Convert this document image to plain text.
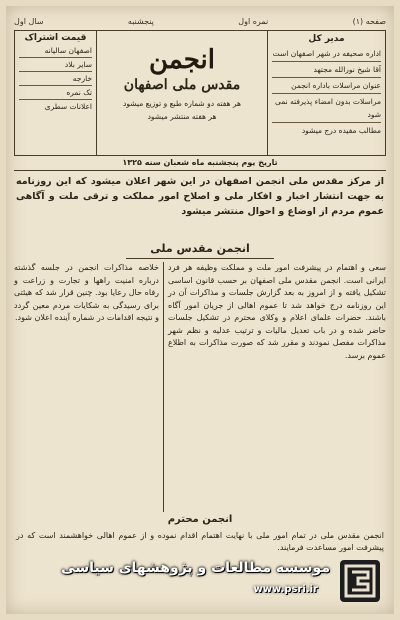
صفحه (۱)
نمره اول
پنجشنبه
سال اول
مدیر کل
اداره صحیفه در شهر اصفهان است
آقا شیخ نورالله مجتهد
عنوان مراسلات باداره انجمن
مراسلات بدون امضاء پذیرفته نمی شود
مطالب مفیده درج میشود
انجمن
مقدس ملی اصفهان
هر هفته دو شماره طبع و توزیع میشود
هر هفته منتشر میشود
قیمت اشتراک
اصفهان سالیانه
سایر بلاد
خارجه
تک نمره
اعلانات سطری
تاریخ یوم پنجشنبه ماه شعبان سنه ۱۳۲۵
از مرکز مقدس ملی انجمن اصفهان در این شهر اعلان میشود که این روزنامه به جهت انتشار اخبار و افکار ملی و اصلاح امور مملکت و ترقی ملت و آگاهی عموم مردم از اوضاع و احوال منتشر میشود
انجمن مقدس ملی
سعی و اهتمام در پیشرفت امور ملت و مملکت وظیفه هر فرد ایرانی است. انجمن مقدس ملی اصفهان بر حسب قانون اساسی تشکیل یافته و از امروز به بعد گزارش جلسات و مذاکرات آن در این روزنامه درج خواهد شد تا عموم اهالی از جریان امور آگاه باشند. حضرات علمای اعلام و وکلای محترم در تشکیل جلسات حاضر شده و در باب تعدیل مالیات و ترتیب عدلیه و نظم شهر مذاکرات مفصل نمودند و مقرر شد که صورت مذاکرات به اطلاع عموم برسد.
خلاصه مذاکرات انجمن در جلسه گذشته درباره امنیت راهها و تجارت و زراعت و رفاه حال رعایا بود. چنین قرار شد که هیئتی برای رسیدگی به شکایات مردم معین گردد و نتیجه اقدامات در شماره آینده اعلان شود.
انجمن محترم
انجمن مقدس ملی در تمام امور ملی با نهایت اهتمام اقدام نموده و از عموم اهالی خواهشمند است که در پیشرفت امور مساعدت فرمایند.
موسسه مطالعات و پژوهشهای سیاسی
www.psri.ir
